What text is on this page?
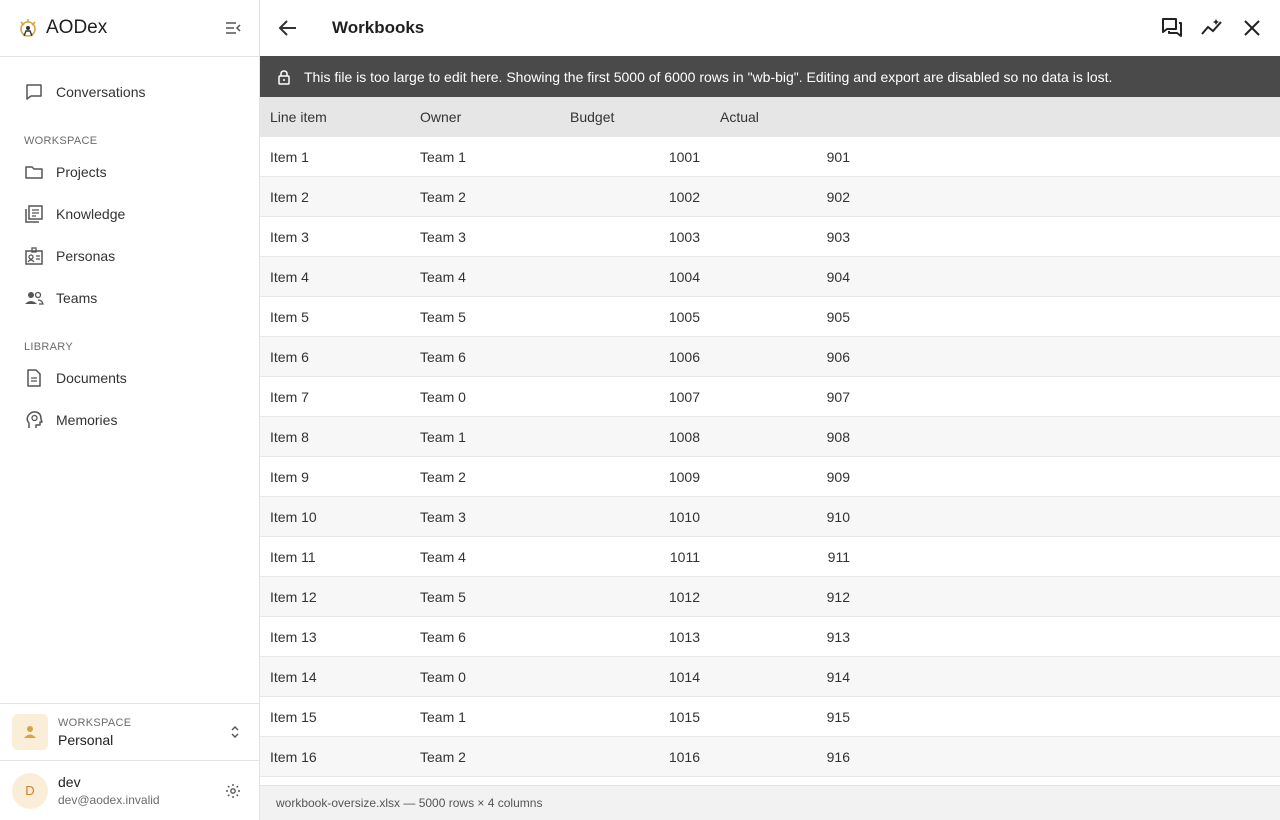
AODex
Conversations
WORKSPACE
Projects
Knowledge
Personas
Teams
LIBRARY
Documents
Memories
WORKSPACE
Personal
D
dev
dev@aodex.invalid
Workbooks
This file is too large to edit here. Showing the first 5000 of 6000 rows in "wb-big". Editing and export are disabled so no data is lost.
Line item	Owner	Budget	Actual
Item 1	Team 1	1001	901
Item 2	Team 2	1002	902
Item 3	Team 3	1003	903
Item 4	Team 4	1004	904
Item 5	Team 5	1005	905
Item 6	Team 6	1006	906
Item 7	Team 0	1007	907
Item 8	Team 1	1008	908
Item 9	Team 2	1009	909
Item 10	Team 3	1010	910
Item 11	Team 4	1011	911
Item 12	Team 5	1012	912
Item 13	Team 6	1013	913
Item 14	Team 0	1014	914
Item 15	Team 1	1015	915
Item 16	Team 2	1016	916
workbook-oversize.xlsx — 5000 rows × 4 columns
